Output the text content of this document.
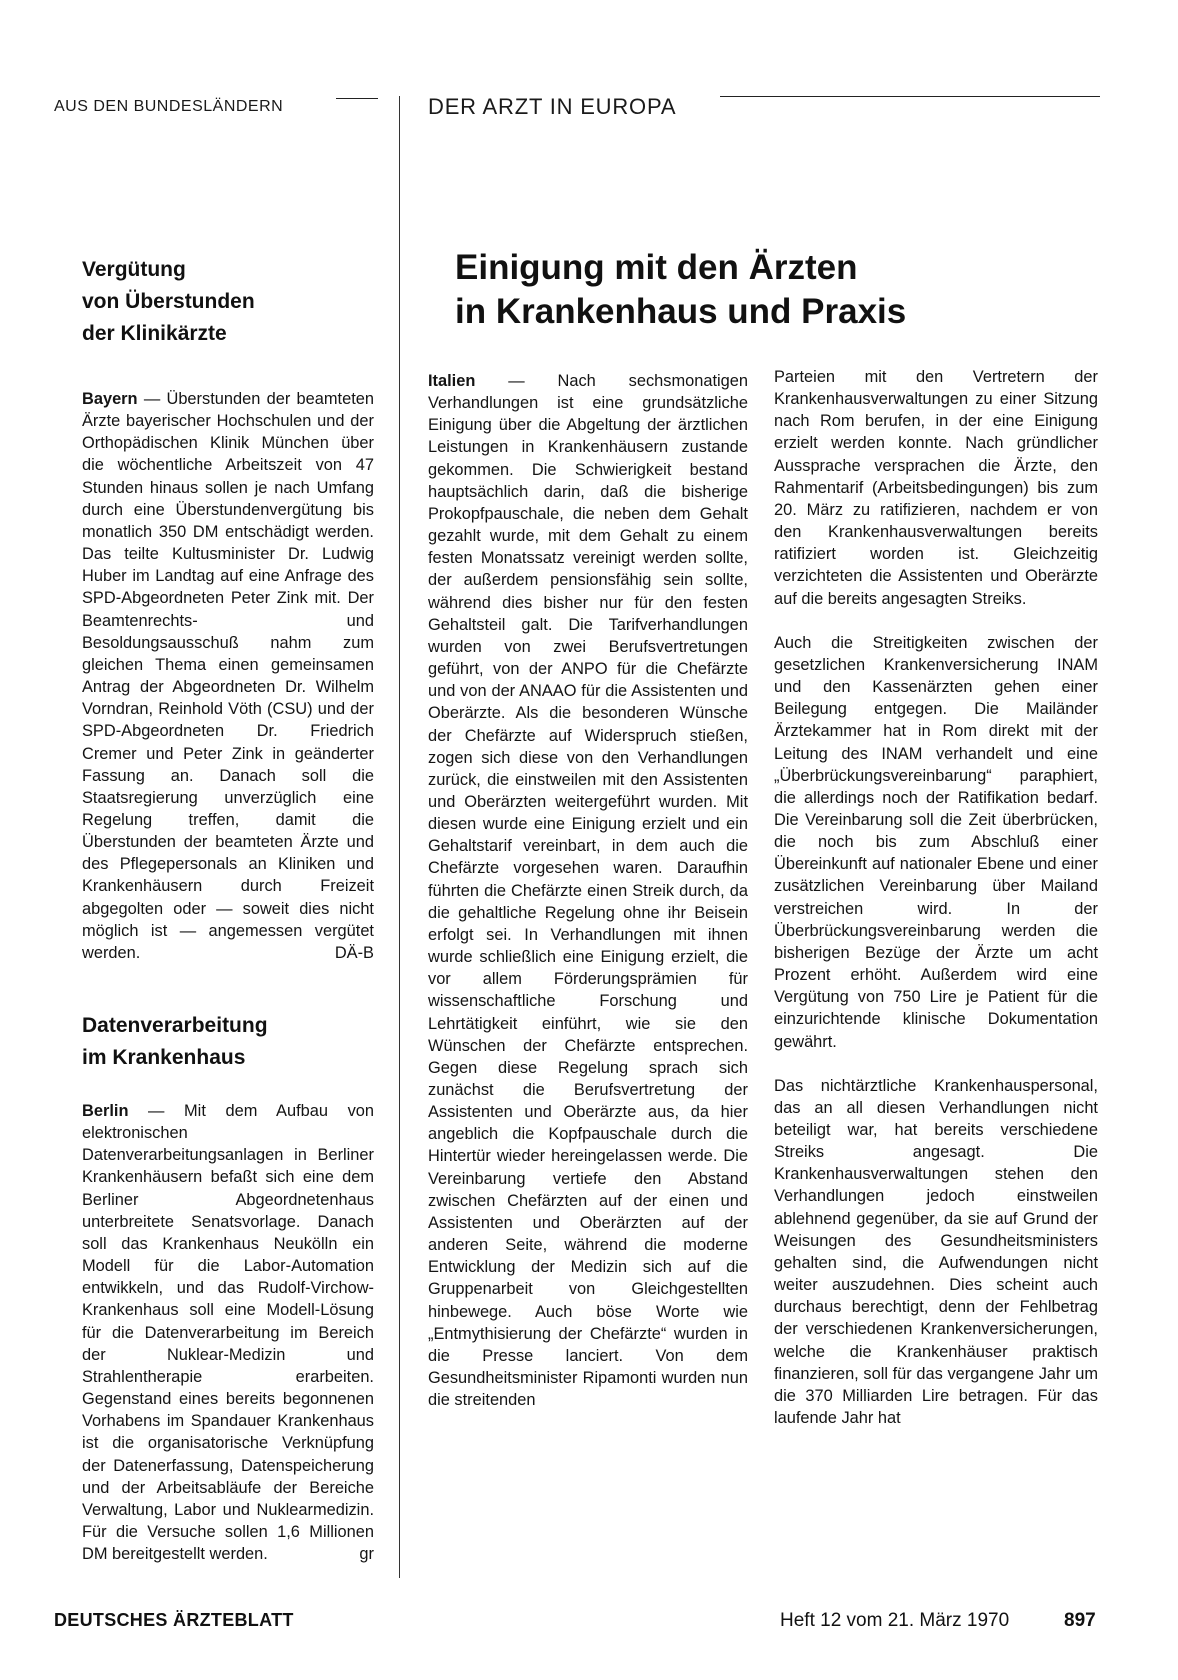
AUS DEN BUNDESLÄNDERN	DER ARZT IN EUROPA
Vergütung
von Überstunden
der Klinikärzte

Bayern — Überstunden der beamteten Ärzte bayerischer Hochschulen und der Orthopädischen Klinik München über die wöchentliche Arbeitszeit von 47 Stunden hinaus sollen je nach Umfang durch eine Überstundenvergütung bis monatlich 350 DM entschädigt werden. Das teilte Kultusminister Dr. Ludwig Huber im Landtag auf eine Anfrage des SPD-Abgeordneten Peter Zink mit. Der Beamtenrechts- und Besoldungsausschuß nahm zum gleichen Thema einen gemeinsamen Antrag der Abgeordneten Dr. Wilhelm Vorndran, Reinhold Vöth (CSU) und der SPD-Abgeordneten Dr. Friedrich Cremer und Peter Zink in geänderter Fassung an. Danach soll die Staatsregierung unverzüglich eine Regelung treffen, damit die Überstunden der beamteten Ärzte und des Pflegepersonals an Kliniken und Krankenhäusern durch Freizeit abgegolten oder — soweit dies nicht möglich ist — angemessen vergütet werden.	DÄ-B

Datenverarbeitung
im Krankenhaus

Berlin — Mit dem Aufbau von elektronischen Datenverarbeitungsanlagen in Berliner Krankenhäusern befaßt sich eine dem Berliner Abgeordnetenhaus unterbreitete Senatsvorlage. Danach soll das Krankenhaus Neukölln ein Modell für die Labor-Automation entwikkeln, und das Rudolf-Virchow-Krankenhaus soll eine Modell-Lösung für die Datenverarbeitung im Bereich der Nuklear-Medizin und Strahlentherapie erarbeiten. Gegenstand eines bereits begonnenen Vorhabens im Spandauer Krankenhaus ist die organisatorische Verknüpfung der Datenerfassung, Datenspeicherung und der Arbeitsabläufe der Bereiche Verwaltung, Labor und Nuklearmedizin. Für die Versuche sollen 1,6 Millionen DM bereitgestellt werden.	gr

Einigung mit den Ärzten
in Krankenhaus und Praxis

Italien — Nach sechsmonatigen Verhandlungen ist eine grundsätzliche Einigung über die Abgeltung der ärztlichen Leistungen in Krankenhäusern zustande gekommen. Die Schwierigkeit bestand hauptsächlich darin, daß die bisherige Prokopfpauschale, die neben dem Gehalt gezahlt wurde, mit dem Gehalt zu einem festen Monatssatz vereinigt werden sollte, der außerdem pensionsfähig sein sollte, während dies bisher nur für den festen Gehaltsteil galt. Die Tarifverhandlungen wurden von zwei Berufsvertretungen geführt, von der ANPO für die Chefärzte und von der ANAAO für die Assistenten und Oberärzte. Als die besonderen Wünsche der Chefärzte auf Widerspruch stießen, zogen sich diese von den Verhandlungen zurück, die einstweilen mit den Assistenten und Oberärzten weitergeführt wurden. Mit diesen wurde eine Einigung erzielt und ein Gehaltstarif vereinbart, in dem auch die Chefärzte vorgesehen waren. Daraufhin führten die Chefärzte einen Streik durch, da die gehaltliche Regelung ohne ihr Beisein erfolgt sei. In Verhandlungen mit ihnen wurde schließlich eine Einigung erzielt, die vor allem Förderungsprämien für wissenschaftliche Forschung und Lehrtätigkeit einführt, wie sie den Wünschen der Chefärzte entsprechen. Gegen diese Regelung sprach sich zunächst die Berufsvertretung der Assistenten und Oberärzte aus, da hier angeblich die Kopfpauschale durch die Hintertür wieder hereingelassen werde. Die Vereinbarung vertiefe den Abstand zwischen Chefärzten auf der einen und Assistenten und Oberärzten auf der anderen Seite, während die moderne Entwicklung der Medizin sich auf die Gruppenarbeit von Gleichgestellten hinbewege. Auch böse Worte wie „Entmythisierung der Chefärzte“ wurden in die Presse lanciert. Von dem Gesundheitsminister Ripamonti wurden nun die streitenden

Parteien mit den Vertretern der Krankenhausverwaltungen zu einer Sitzung nach Rom berufen, in der eine Einigung erzielt werden konnte. Nach gründlicher Aussprache versprachen die Ärzte, den Rahmentarif (Arbeitsbedingungen) bis zum 20. März zu ratifizieren, nachdem er von den Krankenhausverwaltungen bereits ratifiziert worden ist. Gleichzeitig verzichteten die Assistenten und Oberärzte auf die bereits angesagten Streiks.

Auch die Streitigkeiten zwischen der gesetzlichen Krankenversicherung INAM und den Kassenärzten gehen einer Beilegung entgegen. Die Mailänder Ärztekammer hat in Rom direkt mit der Leitung des INAM verhandelt und eine „Überbrückungsvereinbarung“ paraphiert, die allerdings noch der Ratifikation bedarf. Die Vereinbarung soll die Zeit überbrücken, die noch bis zum Abschluß einer Übereinkunft auf nationaler Ebene und einer zusätzlichen Vereinbarung über Mailand verstreichen wird. In der Überbrückungsvereinbarung werden die bisherigen Bezüge der Ärzte um acht Prozent erhöht. Außerdem wird eine Vergütung von 750 Lire je Patient für die einzurichtende klinische Dokumentation gewährt.

Das nichtärztliche Krankenhauspersonal, das an all diesen Verhandlungen nicht beteiligt war, hat bereits verschiedene Streiks angesagt. Die Krankenhausverwaltungen stehen den Verhandlungen jedoch einstweilen ablehnend gegenüber, da sie auf Grund der Weisungen des Gesundheitsministers gehalten sind, die Aufwendungen nicht weiter auszudehnen. Dies scheint auch durchaus berechtigt, denn der Fehlbetrag der verschiedenen Krankenversicherungen, welche die Krankenhäuser praktisch finanzieren, soll für das vergangene Jahr um die 370 Milliarden Lire betragen. Für das laufende Jahr hat

DEUTSCHES ÄRZTEBLATT	Heft 12 vom 21. März 1970	897
